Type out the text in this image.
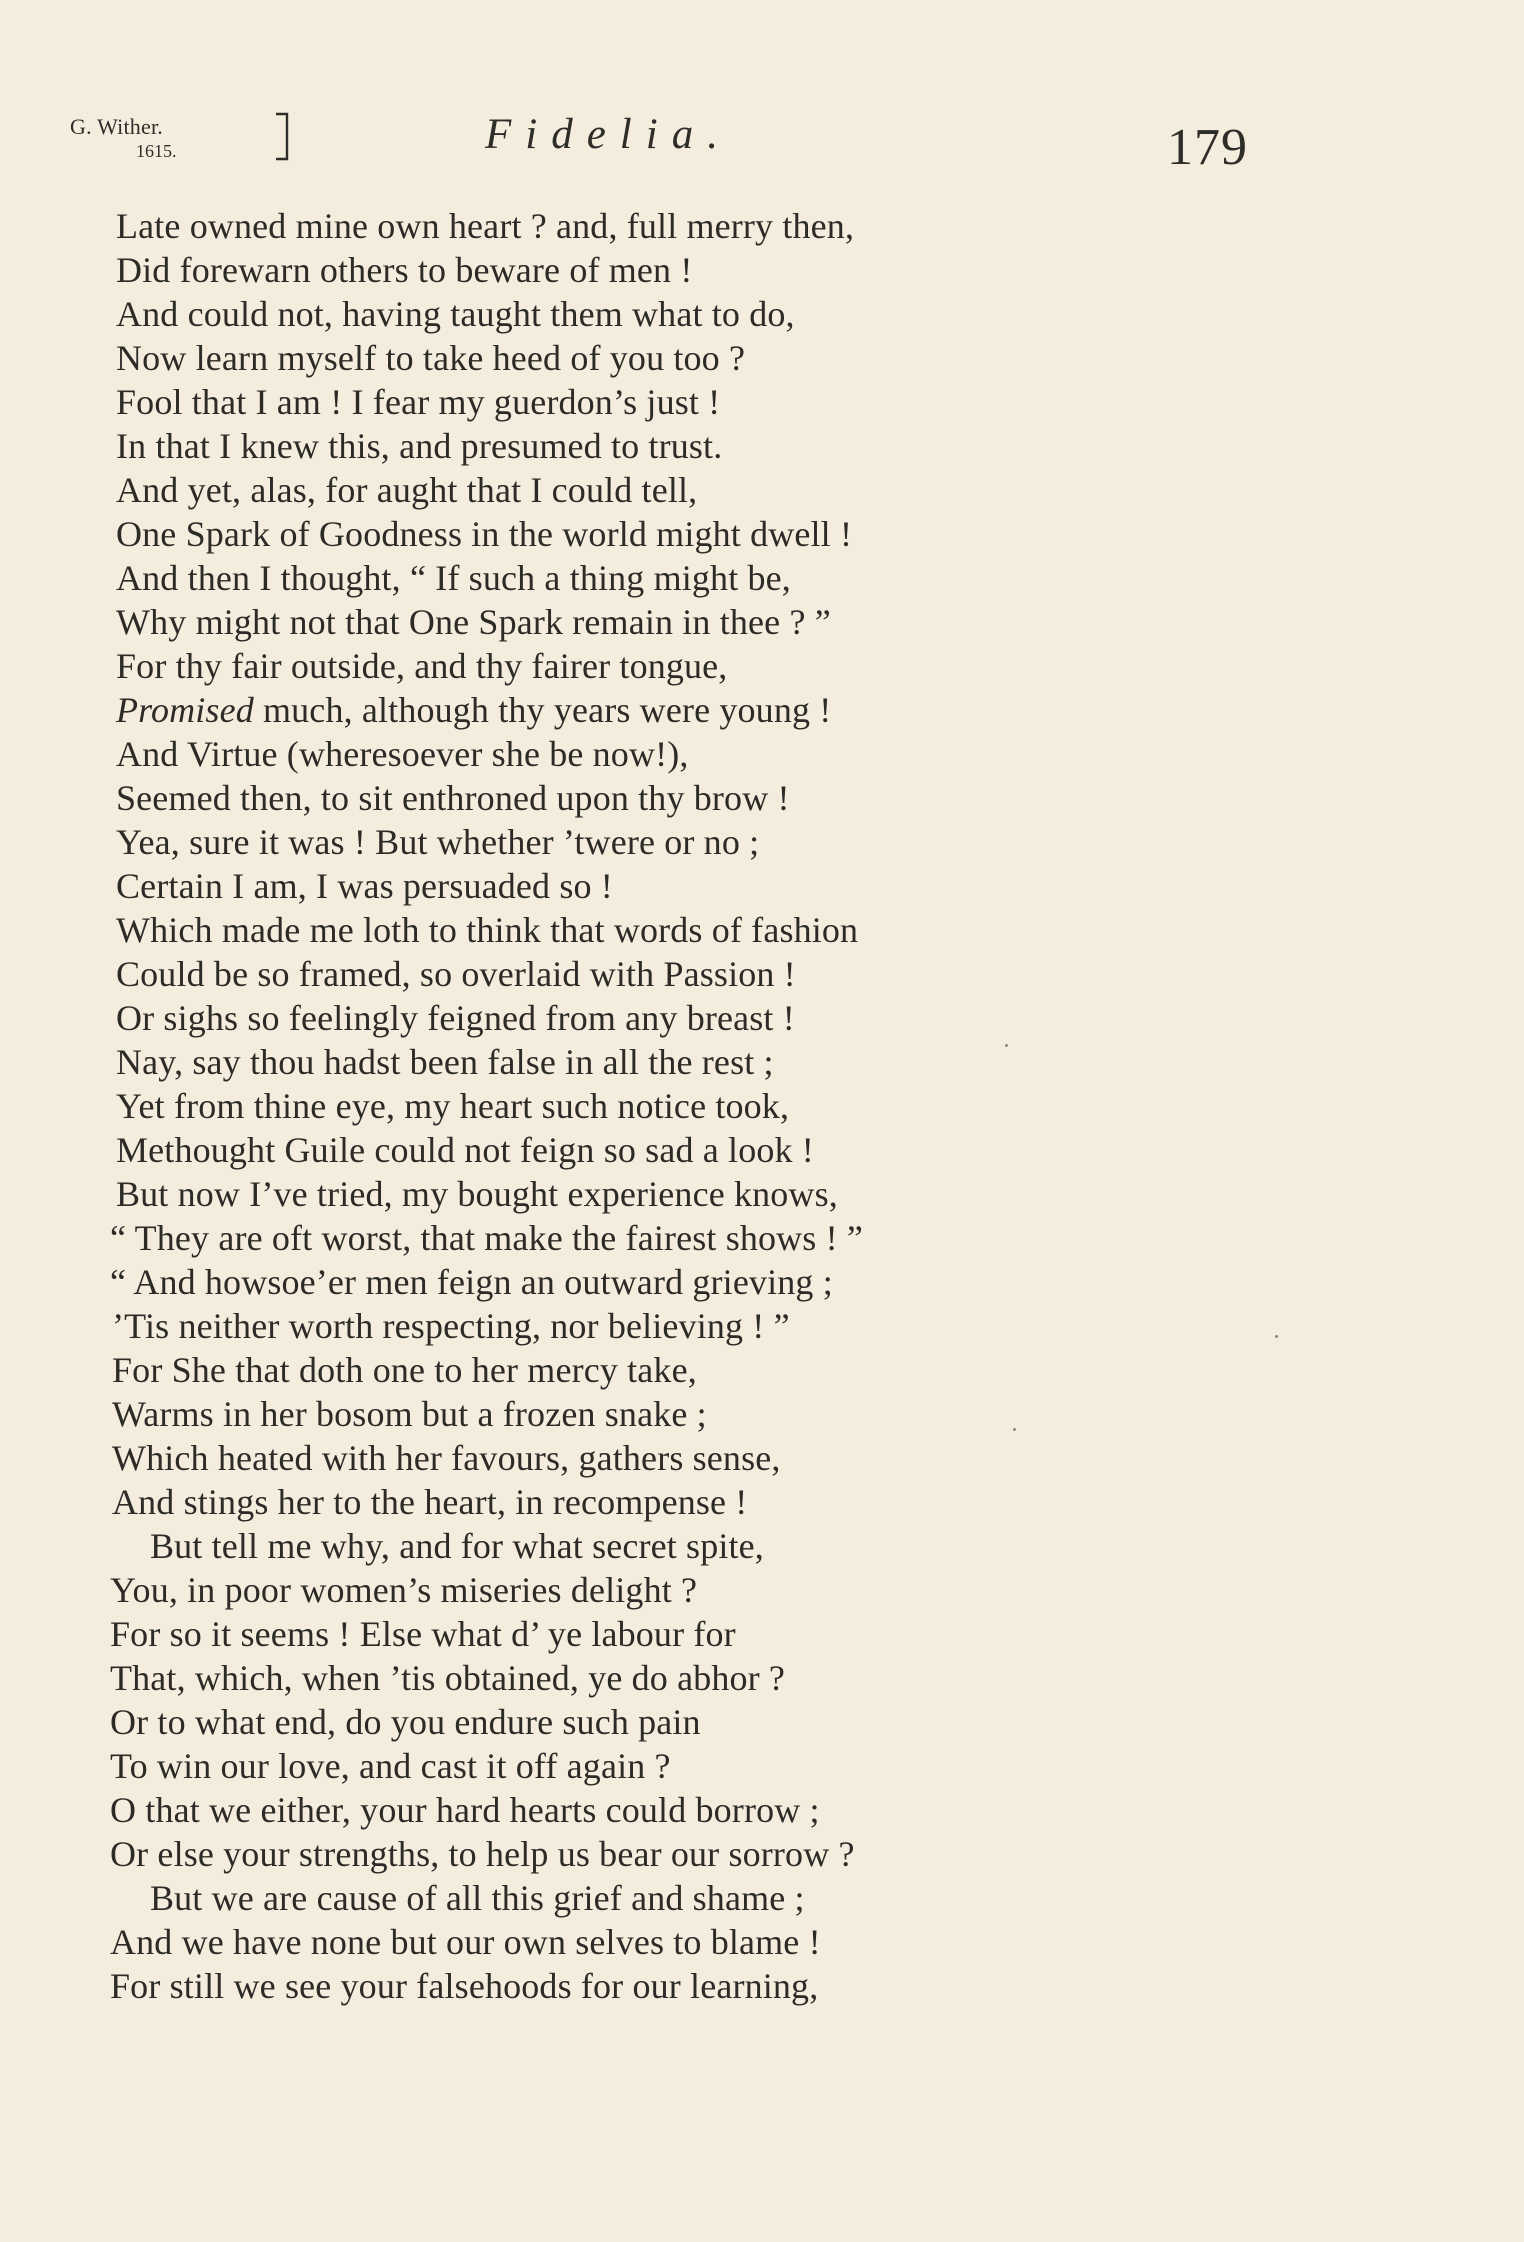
G. Wither.
1615.	Fidelia.	179
Late owned mine own heart ? and, full merry then,
Did forewarn others to beware of men !
And could not, having taught them what to do,
Now learn myself to take heed of you too ?
Fool that I am ! I fear my guerdon’s just !
In that I knew this, and presumed to trust.
And yet, alas, for aught that I could tell,
One Spark of Goodness in the world might dwell !
And then I thought, “ If such a thing might be,
Why might not that One Spark remain in thee ? ”
For thy fair outside, and thy fairer tongue,
Promised much, although thy years were young !
And Virtue (wheresoever she be now!),
Seemed then, to sit enthroned upon thy brow !
Yea, sure it was ! But whether ’twere or no ;
Certain I am, I was persuaded so !
Which made me loth to think that words of fashion
Could be so framed, so overlaid with Passion !
Or sighs so feelingly feigned from any breast !
Nay, say thou hadst been false in all the rest ;
Yet from thine eye, my heart such notice took,
Methought Guile could not feign so sad a look !
But now I’ve tried, my bought experience knows,
“ They are oft worst, that make the fairest shows ! ”
“ And howsoe’er men feign an outward grieving ;
’Tis neither worth respecting, nor believing ! ”
For She that doth one to her mercy take,
Warms in her bosom but a frozen snake ;
Which heated with her favours, gathers sense,
And stings her to the heart, in recompense !
But tell me why, and for what secret spite,
You, in poor women’s miseries delight ?
For so it seems ! Else what d’ ye labour for
That, which, when ’tis obtained, ye do abhor ?
Or to what end, do you endure such pain
To win our love, and cast it off again ?
O that we either, your hard hearts could borrow ;
Or else your strengths, to help us bear our sorrow ?
But we are cause of all this grief and shame ;
And we have none but our own selves to blame !
For still we see your falsehoods for our learning,
